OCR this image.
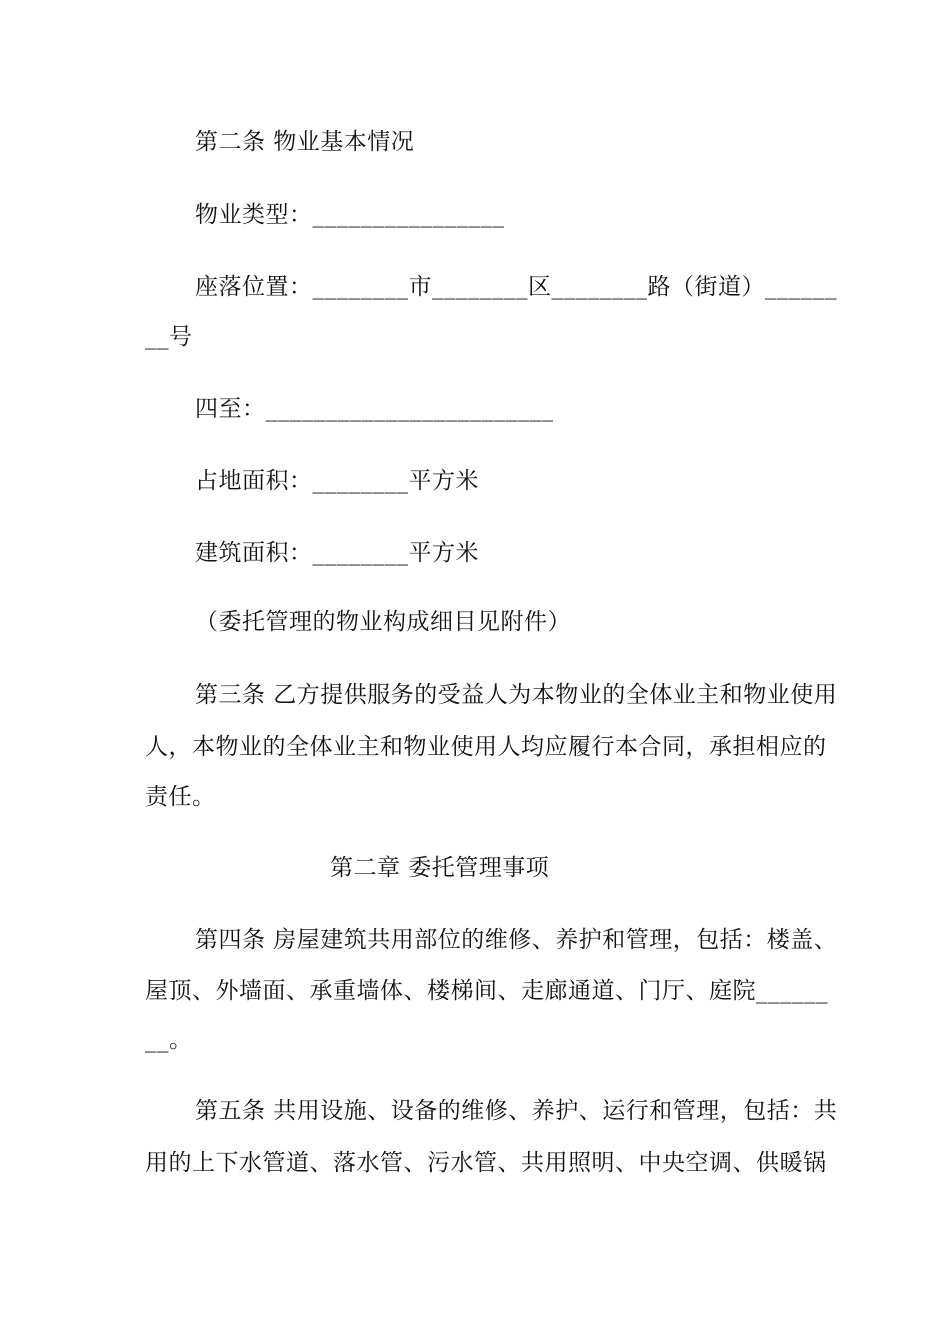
第二条 物业基本情况
物业类型：________________
座落位置：________市________区________路（街道）______
__号
四至：________________________
占地面积：________平方米
建筑面积：________平方米
（委托管理的物业构成细目见附件）
第三条 乙方提供服务的受益人为本物业的全体业主和物业使用
人，本物业的全体业主和物业使用人均应履行本合同，承担相应的
责任。
第二章 委托管理事项
第四条 房屋建筑共用部位的维修、养护和管理，包括：楼盖、
屋顶、外墙面、承重墙体、楼梯间、走廊通道、门厅、庭院______
__。
第五条 共用设施、设备的维修、养护、运行和管理，包括：共
用的上下水管道、落水管、污水管、共用照明、中央空调、供暖锅
